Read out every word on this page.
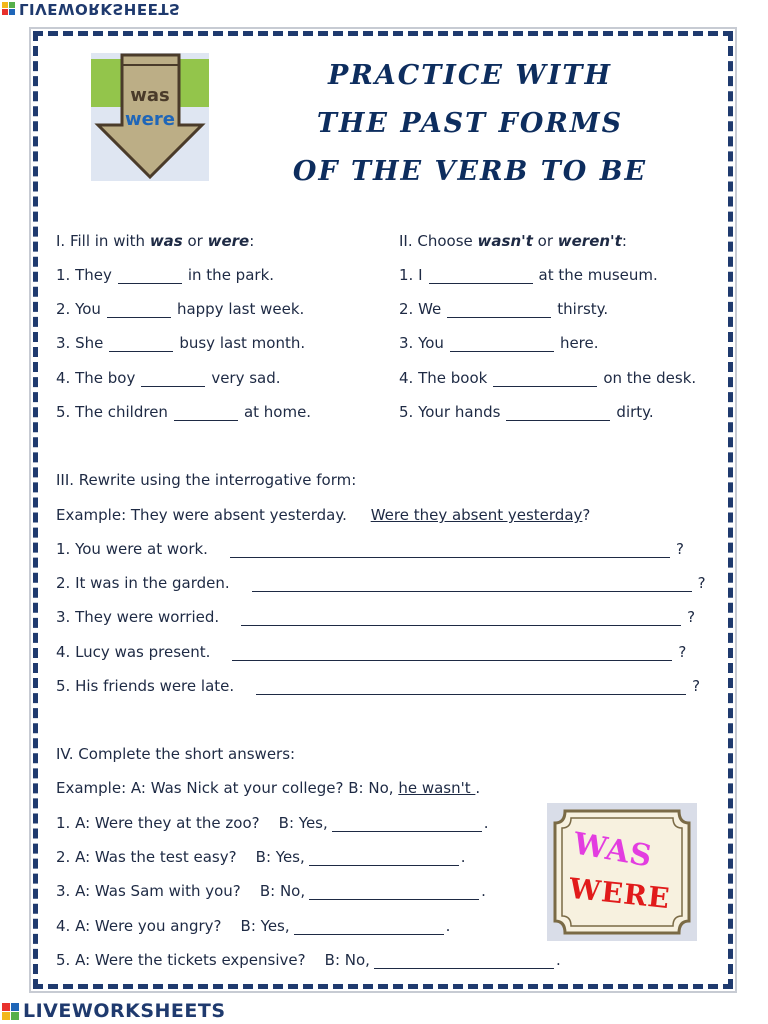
LIVEWORKSHEETS
was
were
PRACTICE WITH
THE PAST FORMS
OF THE VERB TO BE
I. Fill in with was or were:
1. They	in the park.
2. You	happy last week.
3. She	busy last month.
4. The boy	very sad.
5. The children	at home.
II. Choose wasn't or weren't:
1. I	at the museum.
2. We	thirsty.
3. You	here.
4. The book	on the desk.
5. Your hands	dirty.
III. Rewrite using the interrogative form:
Example: They were absent yesterday. Were they absent yesterday?
1. You were at work.	?
2. It was in the garden.	?
3. They were worried.	?
4. Lucy was present.	?
5. His friends were late.	?
IV. Complete the short answers:
Example: A: Was Nick at your college? B: No, he wasn't .
1. A: Were they at the zoo? B: Yes,	.
2. A: Was the test easy? B: Yes,	.
3. A: Was Sam with you? B: No,	.
4. A: Were you angry? B: Yes,	.
5. A: Were the tickets expensive? B: No,	.
WAS
WERE
LIVEWORKSHEETS
